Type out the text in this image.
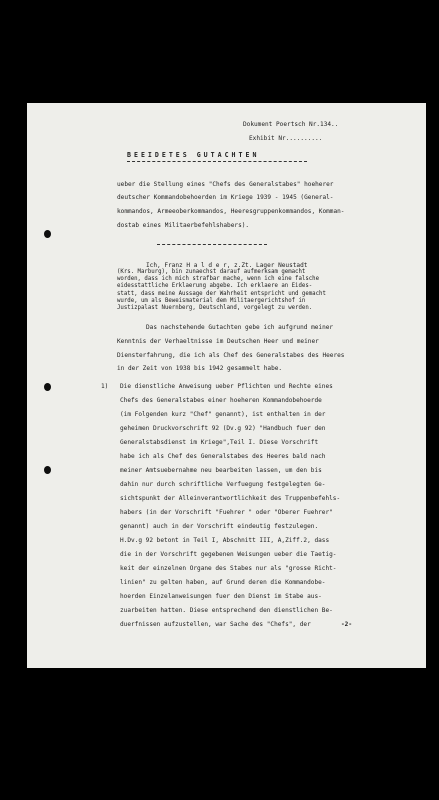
Dokument Poertsch Nr.134..
Exhibit Nr..........
BEEIDETES GUTACHTEN
ueber die Stellung eines "Chefs des Generalstabes" hoeherer
deutscher Kommandobehoerden im Kriege 1939 - 1945 (General-
kommandos, Armeeoberkommandos, Heeresgruppenkommandos, Komman-
dostab eines Militaerbefehlshabers).
Ich, Franz H a l d e r, z.Zt. Lager Neustadt
(Krs. Marburg), bin zunaechst darauf aufmerksam gemacht
worden, dass ich mich strafbar mache, wenn ich eine falsche
eidesstattliche Erklaerung abgebe. Ich erklaere an Eides-
statt, dass meine Aussage der Wahrheit entspricht und gemacht
wurde, um als Beweismaterial dem Militaergerichtshof in
Justizpalast Nuernberg, Deutschland, vorgelegt zu werden.
Das nachstehende Gutachten gebe ich aufgrund meiner
Kenntnis der Verhaeltnisse im Deutschen Heer und meiner
Diensterfahrung, die ich als Chef des Generalstabes des Heeres
in der Zeit von 1938 bis 1942 gesammelt habe.
1) Die dienstliche Anweisung ueber Pflichten und Rechte eines
Chefs des Generalstabes einer hoeheren Kommandobehoerde
(im Folgenden kurz "Chef" genannt), ist enthalten in der
geheimen Druckvorschrift 92 (Dv.g 92) "Handbuch fuer den
Generalstabsdienst im Kriege",Teil I. Diese Vorschrift
habe ich als Chef des Generalstabes des Heeres bald nach
meiner Amtsuebernahme neu bearbeiten lassen, um den bis
dahin nur durch schriftliche Verfuegung festgelegten Ge-
sichtspunkt der Alleinverantwortlichkeit des Truppenbefehls-
habers (in der Vorschrift "Fuehrer " oder "Oberer Fuehrer"
genannt) auch in der Vorschrift eindeutig festzulegen.
H.Dv.g 92 betont in Teil I, Abschnitt III, A,Ziff.2, dass
die in der Vorschrift gegebenen Weisungen ueber die Taetig-
keit der einzelnen Organe des Stabes nur als "grosse Richt-
linien" zu gelten haben, auf Grund deren die Kommandobe-
hoerden Einzelanweisungen fuer den Dienst im Stabe aus-
zuarbeiten hatten. Diese entsprechend den dienstlichen Be-
duerfnissen aufzustellen, war Sache des "Chefs", der	-2-
